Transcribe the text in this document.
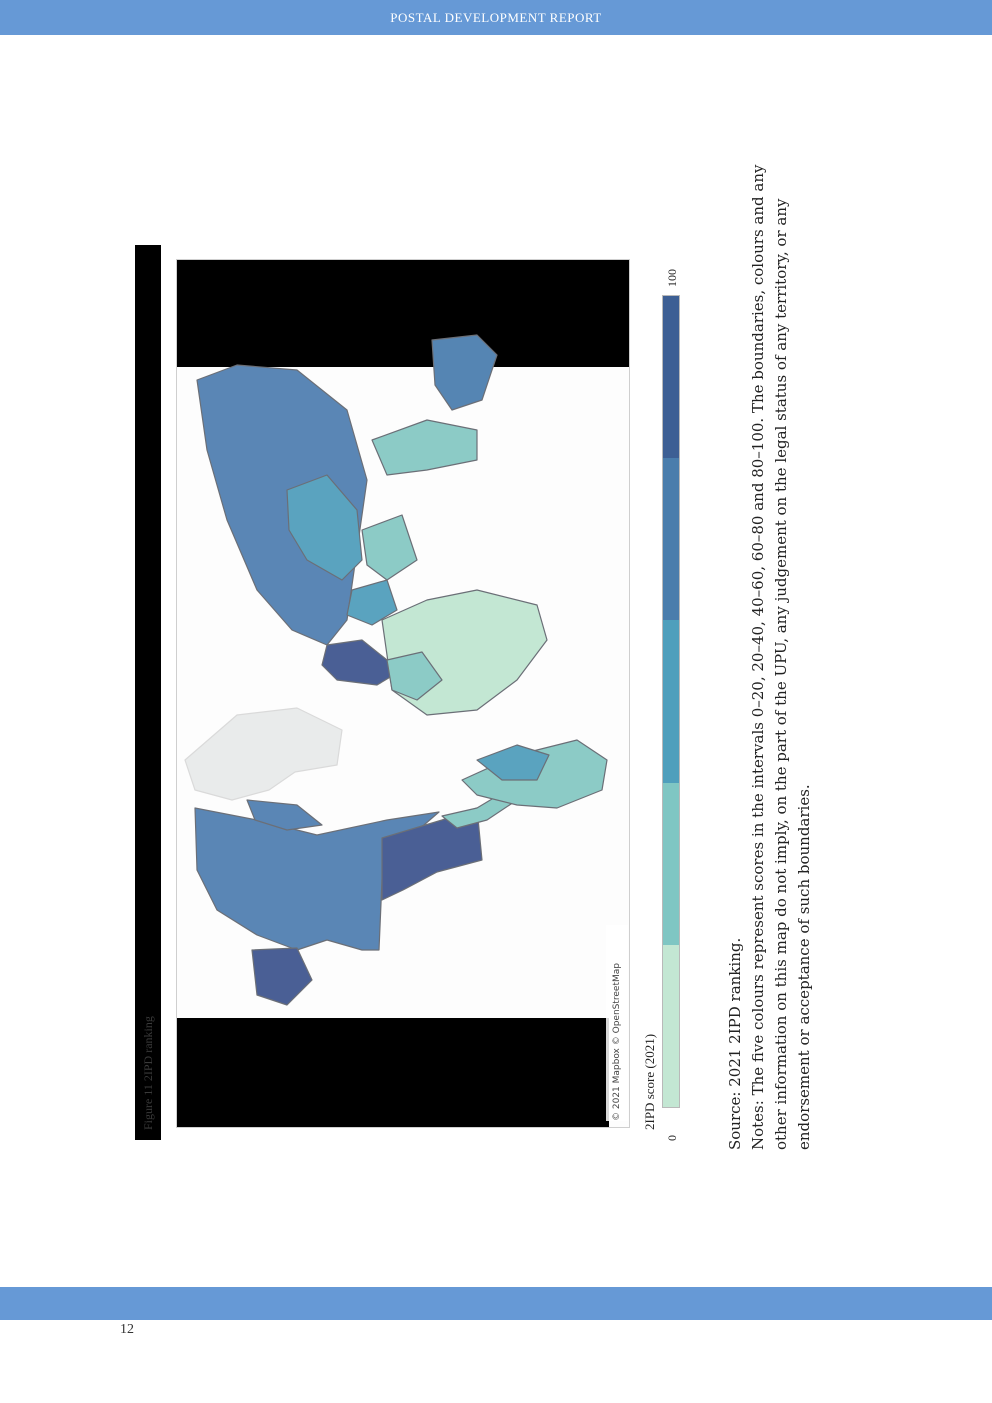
POSTAL DEVELOPMENT REPORT
Figure 11 2IPD ranking	© 2021 Mapbox © OpenStreetMap	2IPD score (2021)
0
100

Source: 2021 2IPD ranking. Notes: The five colours represent scores in the intervals 0–20, 20–40, 40–60, 60–80 and 80–100. The boundaries, colours and any other information on this map do not imply, on the part of the UPU, any judgement on the legal status of any territory, or any endorsement or acceptance of such boundaries.

12
